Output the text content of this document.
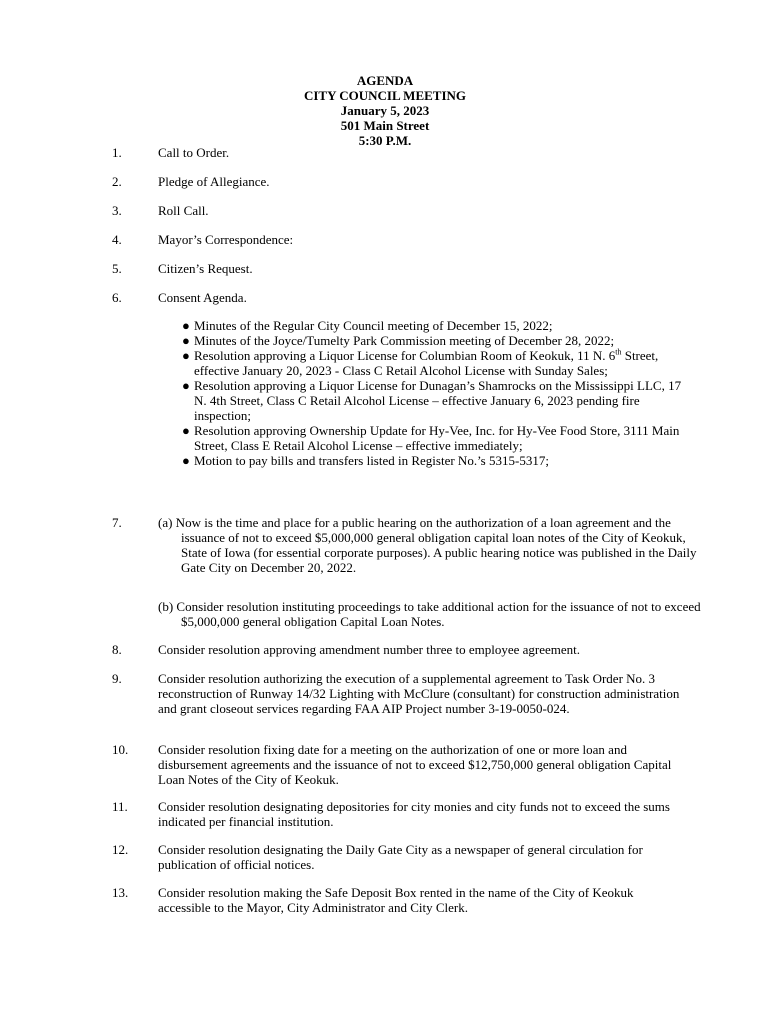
AGENDA
CITY COUNCIL MEETING
January 5, 2023
501 Main Street
5:30 P.M.
1.	Call to Order.
2.	Pledge of Allegiance.
3.	Roll Call.
4.	Mayor’s Correspondence:
5.	Citizen’s Request.
6.	Consent Agenda.
● Minutes of the Regular City Council meeting of December 15, 2022;
● Minutes of the Joyce/Tumelty Park Commission meeting of December 28, 2022;
● Resolution approving a Liquor License for Columbian Room of Keokuk, 11 N. 6th Street, effective January 20, 2023 - Class C Retail Alcohol License with Sunday Sales;
● Resolution approving a Liquor License for Dunagan’s Shamrocks on the Mississippi LLC, 17 N. 4th Street, Class C Retail Alcohol License – effective January 6, 2023 pending fire inspection;
● Resolution approving Ownership Update for Hy-Vee, Inc. for Hy-Vee Food Store, 3111 Main Street, Class E Retail Alcohol License – effective immediately;
● Motion to pay bills and transfers listed in Register No.’s 5315-5317;
7.	(a) Now is the time and place for a public hearing on the authorization of a loan agreement and the issuance of not to exceed $5,000,000 general obligation capital loan notes of the City of Keokuk, State of Iowa (for essential corporate purposes). A public hearing notice was published in the Daily Gate City on December 20, 2022.
(b) Consider resolution instituting proceedings to take additional action for the issuance of not to exceed $5,000,000 general obligation Capital Loan Notes.
8.	Consider resolution approving amendment number three to employee agreement.
9.	Consider resolution authorizing the execution of a supplemental agreement to Task Order No. 3 reconstruction of Runway 14/32 Lighting with McClure (consultant) for construction administration and grant closeout services regarding FAA AIP Project number 3-19-0050-024.
10.	Consider resolution fixing date for a meeting on the authorization of one or more loan and disbursement agreements and the issuance of not to exceed $12,750,000 general obligation Capital Loan Notes of the City of Keokuk.
11.	Consider resolution designating depositories for city monies and city funds not to exceed the sums indicated per financial institution.
12.	Consider resolution designating the Daily Gate City as a newspaper of general circulation for publication of official notices.
13.	Consider resolution making the Safe Deposit Box rented in the name of the City of Keokuk accessible to the Mayor, City Administrator and City Clerk.
